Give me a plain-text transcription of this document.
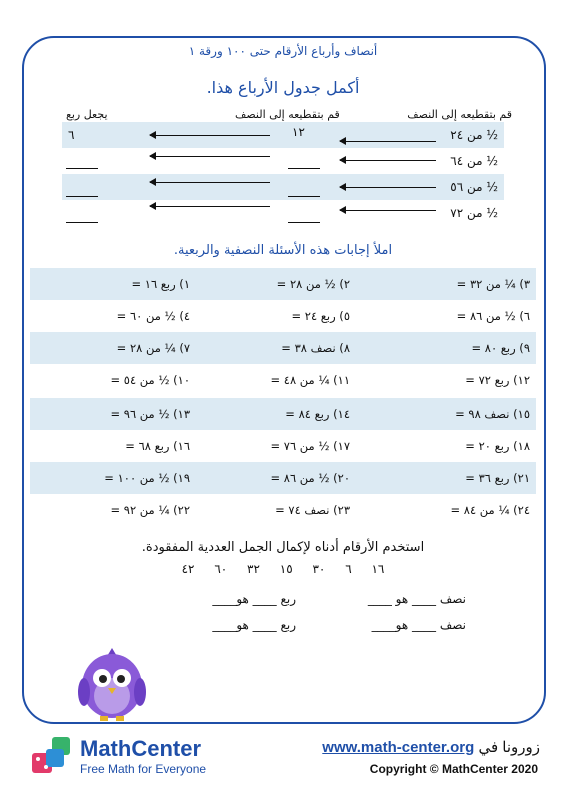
أنصاف وأرباع الأرقام حتى ١٠٠ ورقة ١
أكمل جدول الأرباع هذا.
قم بتقطيعه إلى النصف
قم بتقطيعه إلى النصف
يجعل ربع
½ من ٢٤
١٢
٦
½ من ٦٤
½ من ٥٦
½ من ٧٢
املأ إجابات هذه الأسئلة النصفية والربعية.
٣) ¼ من ٣٢ =
٢) ½ من ٢٨ =
١) ربع ١٦ =
٦) ½ من ٨٦ =
٥) ربع ٢٤ =
٤) ½ من ٦٠ =
٩) ربع ٨٠ =
٨) نصف ٣٨ =
٧) ¼ من ٢٨ =
١٢) ربع ٧٢ =
١١) ¼ من ٤٨ =
١٠) ½ من ٥٤ =
١٥) نصف ٩٨ =
١٤) ربع ٨٤ =
١٣) ½ من ٩٦ =
١٨) ربع ٢٠ =
١٧) ½ من ٧٦ =
١٦) ربع ٦٨ =
٢١) ربع ٣٦ =
٢٠) ½ من ٨٦ =
١٩) ½ من ١٠٠ =
٢٤) ¼ من ٨٤ =
٢٣) نصف ٧٤ =
٢٢) ¼ من ٩٢ =
استخدم الأرقام أدناه لإكمال الجمل العددية المفقودة.
١٦ ٦ ٣٠ ١٥ ٣٢ ٦٠ ٤٢
نصف ____ هو ____
ربع ____ هو____
نصف ____ هو____
ربع ____ هو____
MathCenter
Free Math for Everyone
www.math-center.org زورونا في
Copyright © MathCenter 2020
